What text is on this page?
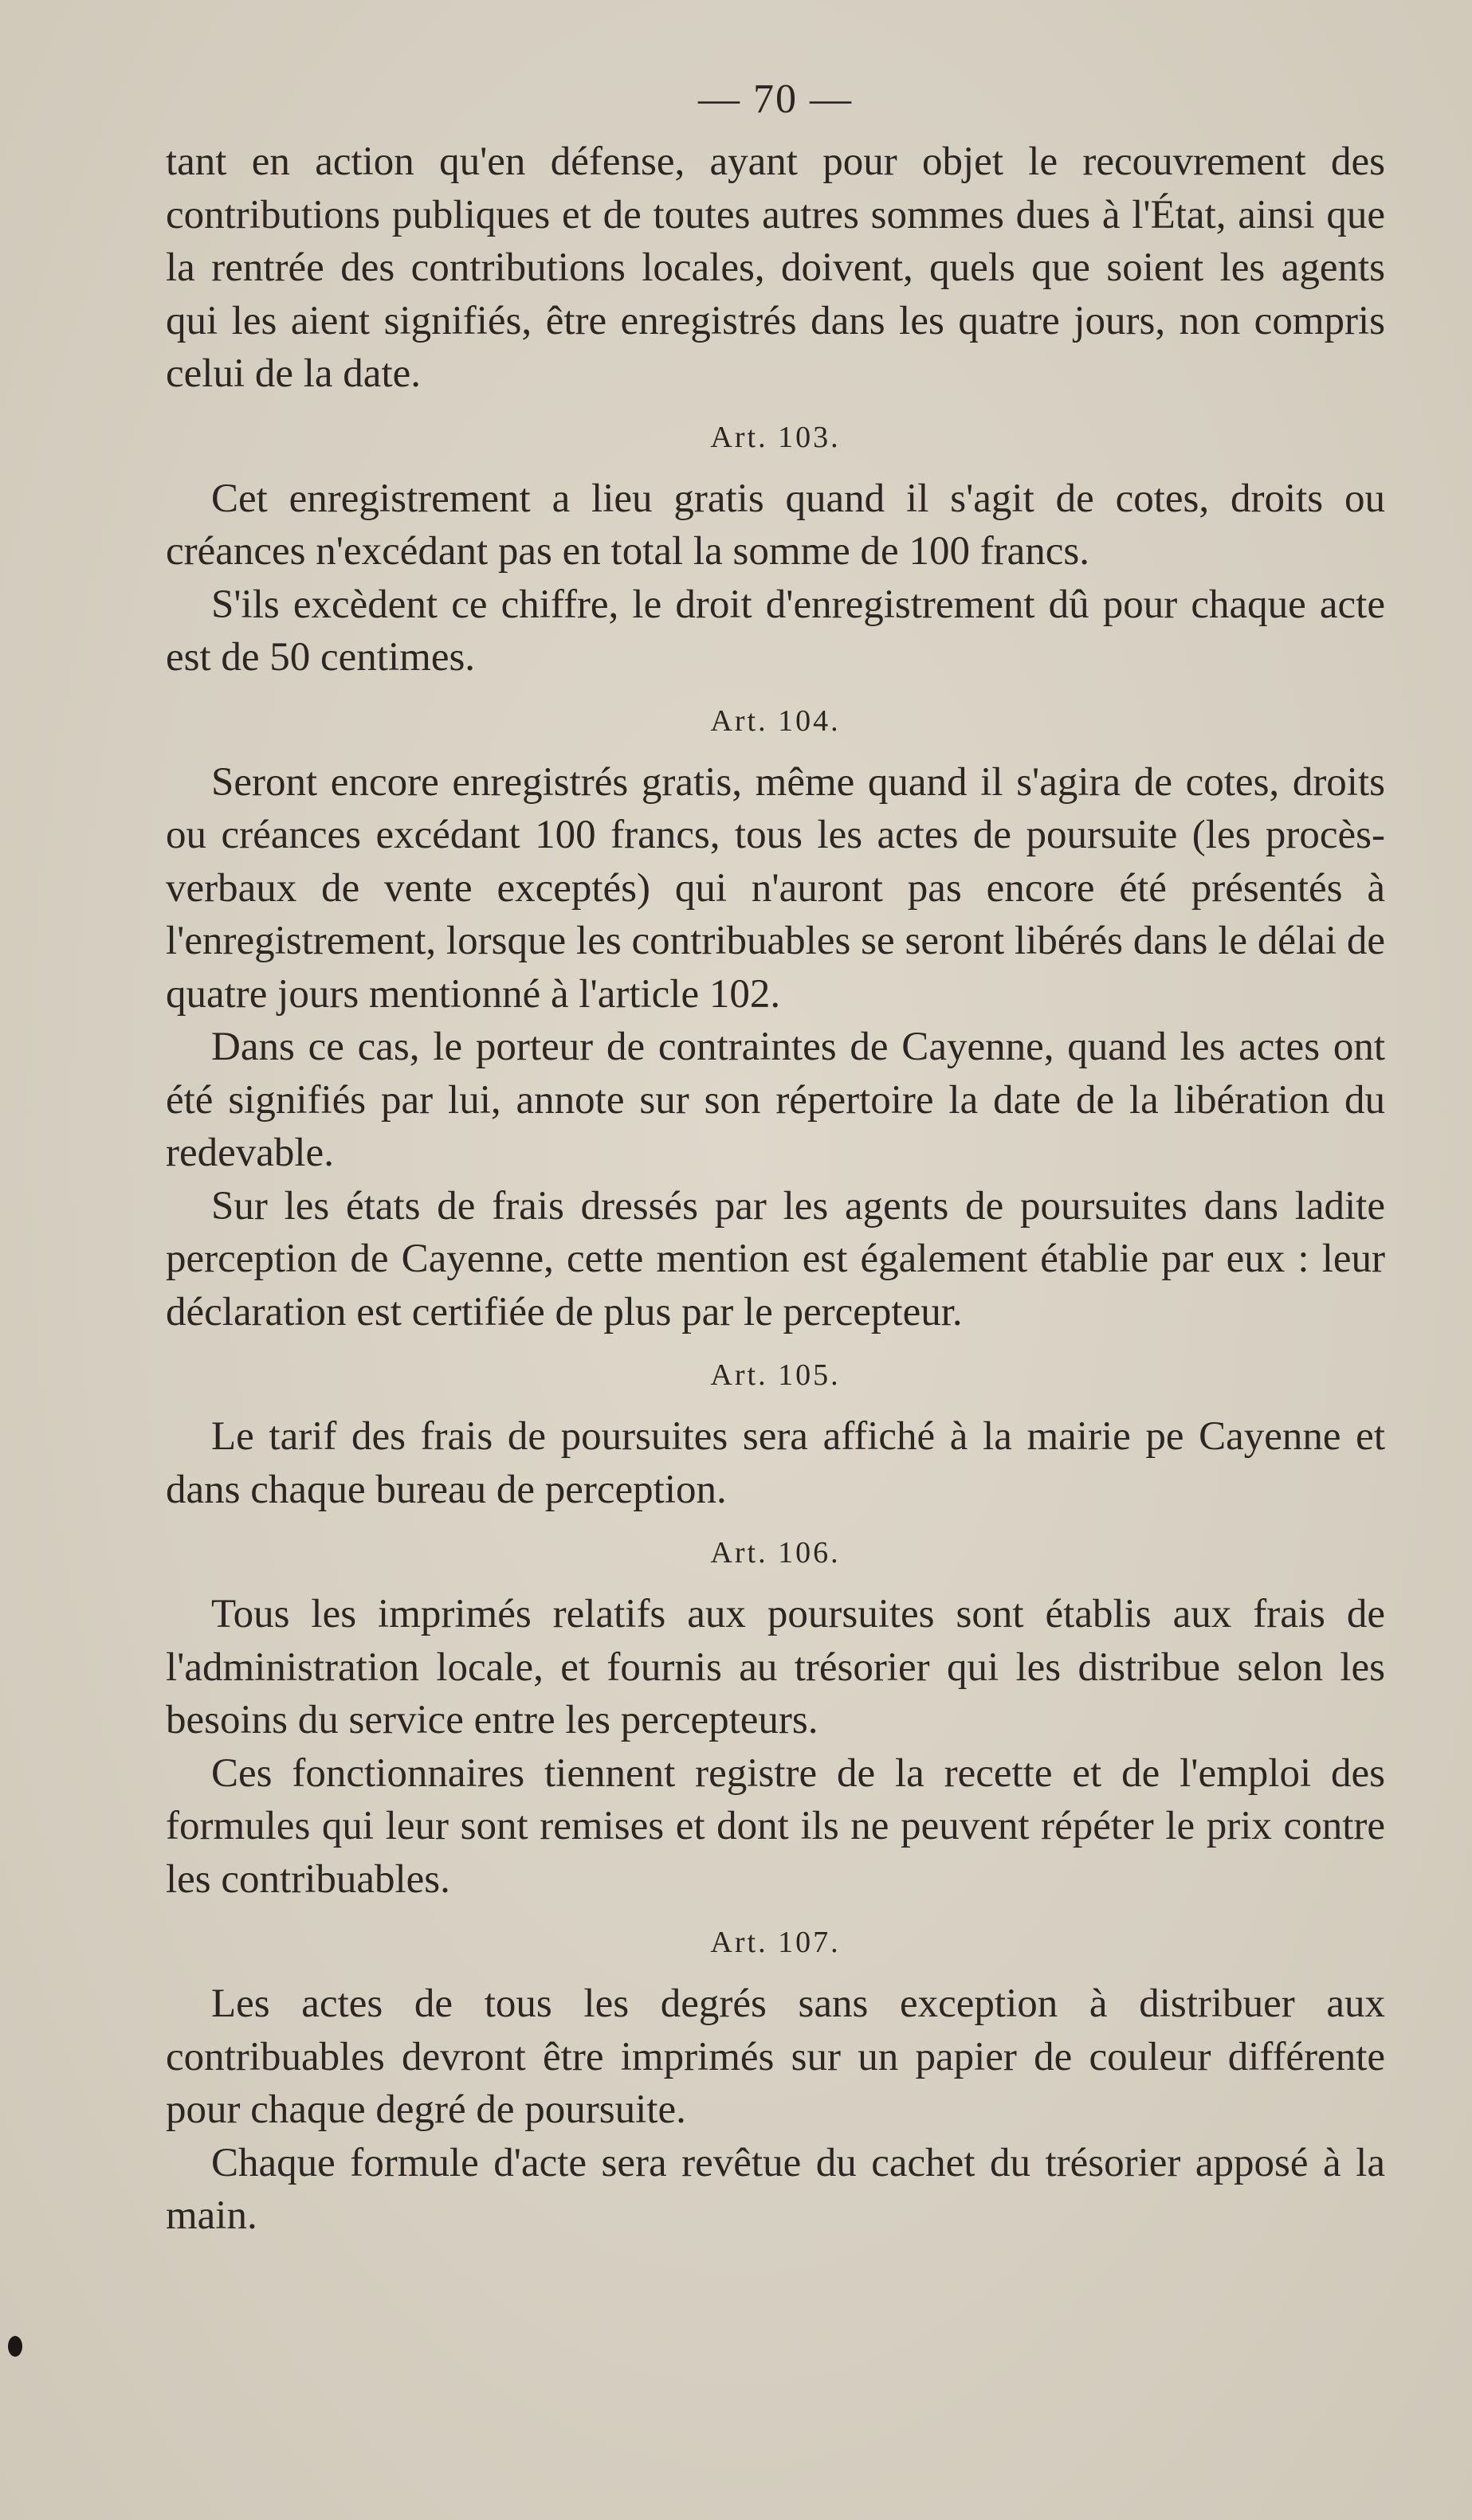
— 70 —

tant en action qu'en défense, ayant pour objet le recouvrement des contributions publiques et de toutes autres sommes dues à l'État, ainsi que la rentrée des contributions locales, doivent, quels que soient les agents qui les aient signifiés, être enregistrés dans les quatre jours, non compris celui de la date.

Art. 103.

Cet enregistrement a lieu gratis quand il s'agit de cotes, droits ou créances n'excédant pas en total la somme de 100 francs.

S'ils excèdent ce chiffre, le droit d'enregistrement dû pour chaque acte est de 50 centimes.

Art. 104.

Seront encore enregistrés gratis, même quand il s'agira de cotes, droits ou créances excédant 100 francs, tous les actes de poursuite (les procès-verbaux de vente exceptés) qui n'auront pas encore été présentés à l'enregistrement, lorsque les contribuables se seront libérés dans le délai de quatre jours mentionné à l'article 102.

Dans ce cas, le porteur de contraintes de Cayenne, quand les actes ont été signifiés par lui, annote sur son répertoire la date de la libération du redevable.

Sur les états de frais dressés par les agents de poursuites dans ladite perception de Cayenne, cette mention est également établie par eux : leur déclaration est certifiée de plus par le percepteur.

Art. 105.

Le tarif des frais de poursuites sera affiché à la mairie pe Cayenne et dans chaque bureau de perception.

Art. 106.

Tous les imprimés relatifs aux poursuites sont établis aux frais de l'administration locale, et fournis au trésorier qui les distribue selon les besoins du service entre les percepteurs.

Ces fonctionnaires tiennent registre de la recette et de l'emploi des formules qui leur sont remises et dont ils ne peuvent répéter le prix contre les contribuables.

Art. 107.

Les actes de tous les degrés sans exception à distribuer aux contribuables devront être imprimés sur un papier de couleur différente pour chaque degré de poursuite.

Chaque formule d'acte sera revêtue du cachet du trésorier apposé à la main.
